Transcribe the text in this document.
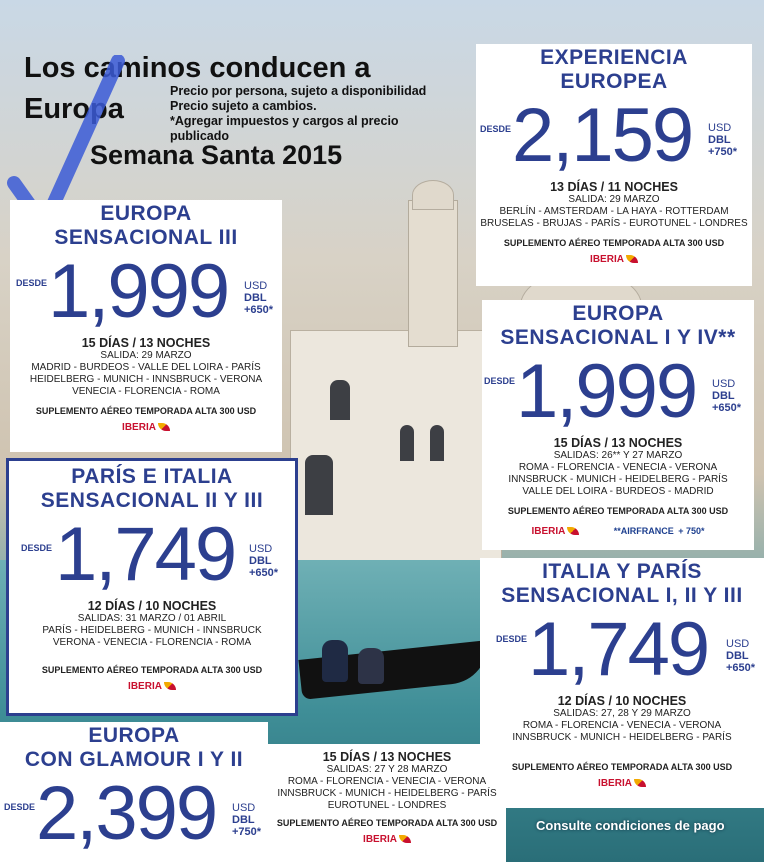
Los caminos conducen a
Europa
Precio por persona, sujeto a disponibilidad
Precio sujeto a cambios.
*Agregar impuestos y cargos al precio
publicado
Semana Santa 2015
EXPERIENCIA
EUROPEA
DESDE 2,159 USD
DBL
+750*
13 DÍAS / 11 NOCHES
SALIDA: 29 MARZO
BERLÍN - AMSTERDAM - LA HAYA - ROTTERDAM
BRUSELAS - BRUJAS - PARÍS - EUROTUNEL - LONDRES
SUPLEMENTO AÉREO TEMPORADA ALTA 300 USD
IBERIA
EUROPA
SENSACIONAL III
DESDE 1,999 USD
DBL
+650*
15 DÍAS / 13 NOCHES
SALIDA: 29 MARZO
MADRID - BURDEOS - VALLE DEL LOIRA - PARÍS
HEIDELBERG - MUNICH - INNSBRUCK - VERONA
VENECIA - FLORENCIA - ROMA
SUPLEMENTO AÉREO TEMPORADA ALTA 300 USD
IBERIA
EUROPA
SENSACIONAL I Y IV**
DESDE 1,999 USD
DBL
+650*
15 DÍAS / 13 NOCHES
SALIDAS: 26** Y 27 MARZO
ROMA - FLORENCIA - VENECIA - VERONA
INNSBRUCK - MUNICH - HEIDELBERG - PARÍS
VALLE DEL LOIRA - BURDEOS - MADRID
SUPLEMENTO AÉREO TEMPORADA ALTA 300 USD
IBERIA	**AIRFRANCE + 750*
PARÍS E ITALIA
SENSACIONAL II Y III
DESDE 1,749 USD
DBL
+650*
12 DÍAS / 10 NOCHES
SALIDAS: 31 MARZO / 01 ABRIL
PARÍS - HEIDELBERG - MUNICH - INNSBRUCK
VERONA - VENECIA - FLORENCIA - ROMA
SUPLEMENTO AÉREO TEMPORADA ALTA 300 USD
IBERIA
ITALIA Y PARÍS
SENSACIONAL I, II Y III
DESDE 1,749 USD
DBL
+650*
12 DÍAS / 10 NOCHES
SALIDAS: 27, 28 Y 29 MARZO
ROMA - FLORENCIA - VENECIA - VERONA
INNSBRUCK - MUNICH - HEIDELBERG - PARÍS
SUPLEMENTO AÉREO TEMPORADA ALTA 300 USD
IBERIA
EUROPA
CON GLAMOUR I Y II
DESDE 2,399 USD
DBL
+750*
15 DÍAS / 13 NOCHES
SALIDAS: 27 Y 28 MARZO
ROMA - FLORENCIA - VENECIA - VERONA
INNSBRUCK - MUNICH - HEIDELBERG - PARÍS
EUROTUNEL - LONDRES
SUPLEMENTO AÉREO TEMPORADA ALTA 300 USD
IBERIA
Consulte condiciones de pago
